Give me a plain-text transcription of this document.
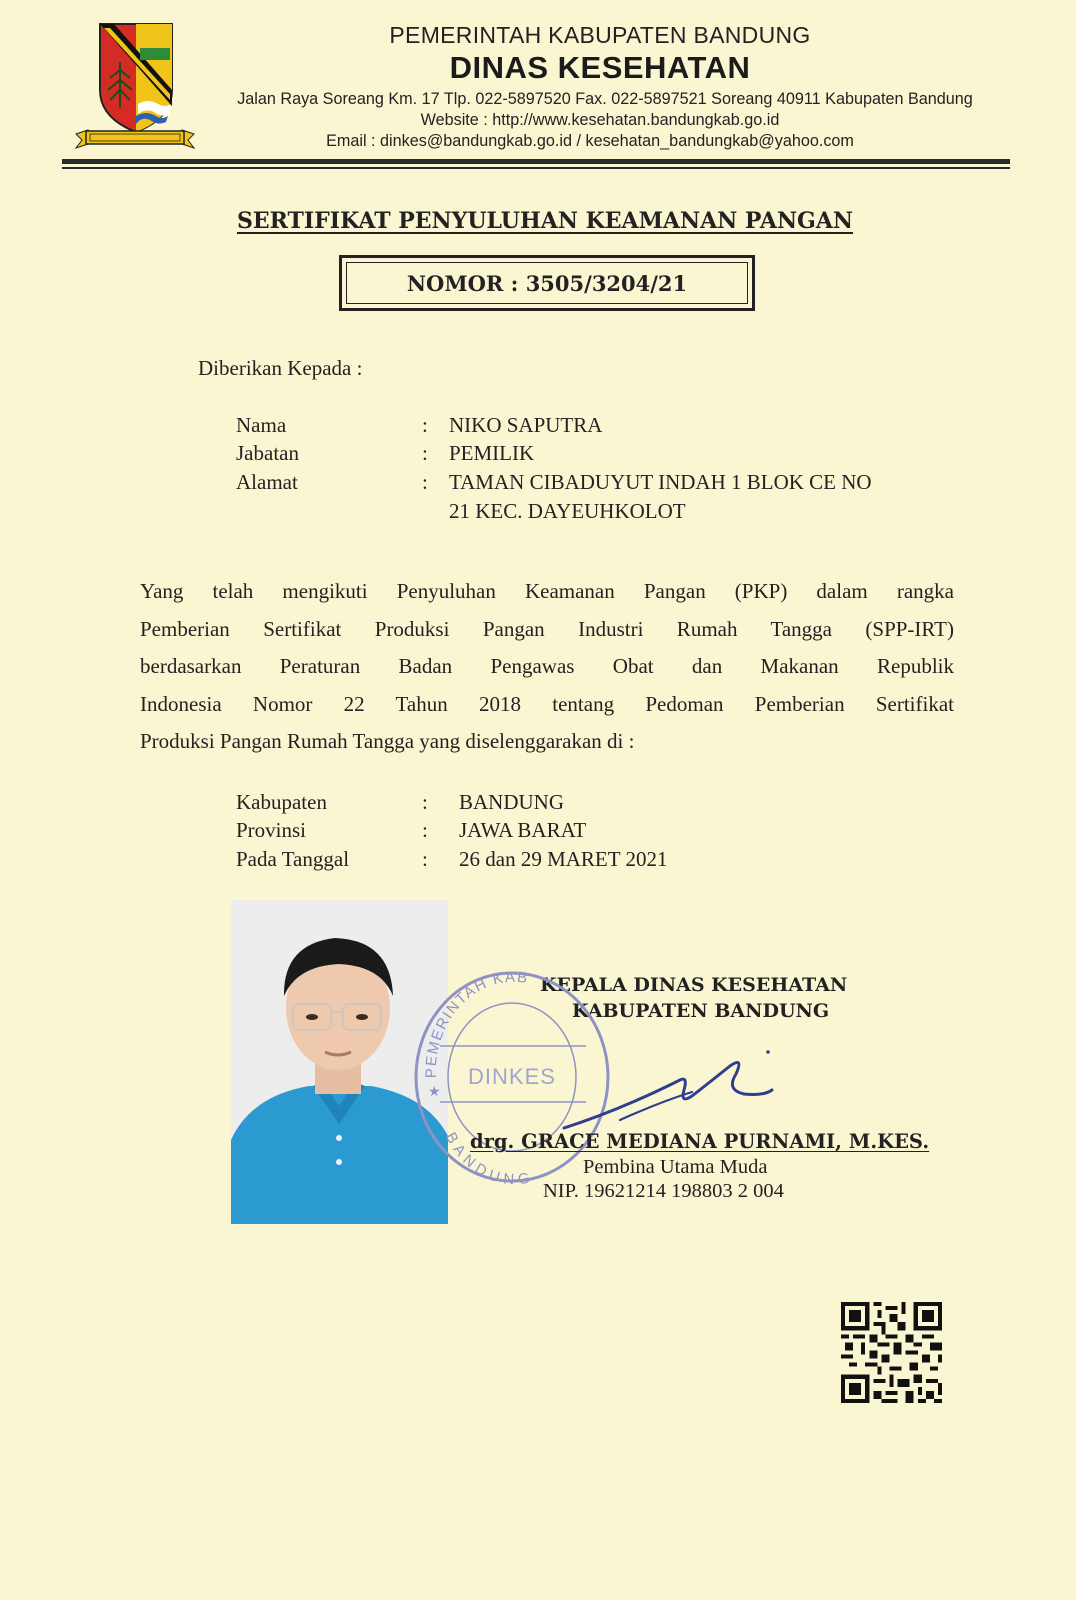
PEMERINTAH KABUPATEN BANDUNG
DINAS KESEHATAN
Jalan Raya Soreang Km. 17 Tlp. 022-5897520 Fax. 022-5897521 Soreang 40911 Kabupaten Bandung
Website : http://www.kesehatan.bandungkab.go.id
Email : dinkes@bandungkab.go.id / kesehatan_bandungkab@yahoo.com
SERTIFIKAT PENYULUHAN KEAMANAN PANGAN
NOMOR : 3505/3204/21
Diberikan Kepada :
Nama	: NIKO SAPUTRA
Jabatan	: PEMILIK
Alamat	: TAMAN CIBADUYUT INDAH 1 BLOK CE NO
21 KEC. DAYEUHKOLOT
Yang telah mengikuti Penyuluhan Keamanan Pangan (PKP) dalam rangka
Pemberian Sertifikat Produksi Pangan Industri Rumah Tangga (SPP-IRT)
berdasarkan Peraturan Badan Pengawas Obat dan Makanan Republik
Indonesia Nomor 22 Tahun 2018 tentang Pedoman Pemberian Sertifikat
Produksi Pangan Rumah Tangga yang diselenggarakan di :
Kabupaten	: BANDUNG
Provinsi	: JAWA BARAT
Pada Tanggal	: 26 dan 29 MARET 2021
KEPALA DINAS KESEHATAN
KABUPATEN BANDUNG
PEMERINTAH KAB
DINKES
BANDUNG
★
drg. GRACE MEDIANA PURNAMI, M.KES.
Pembina Utama Muda
NIP. 19621214 198803 2 004
